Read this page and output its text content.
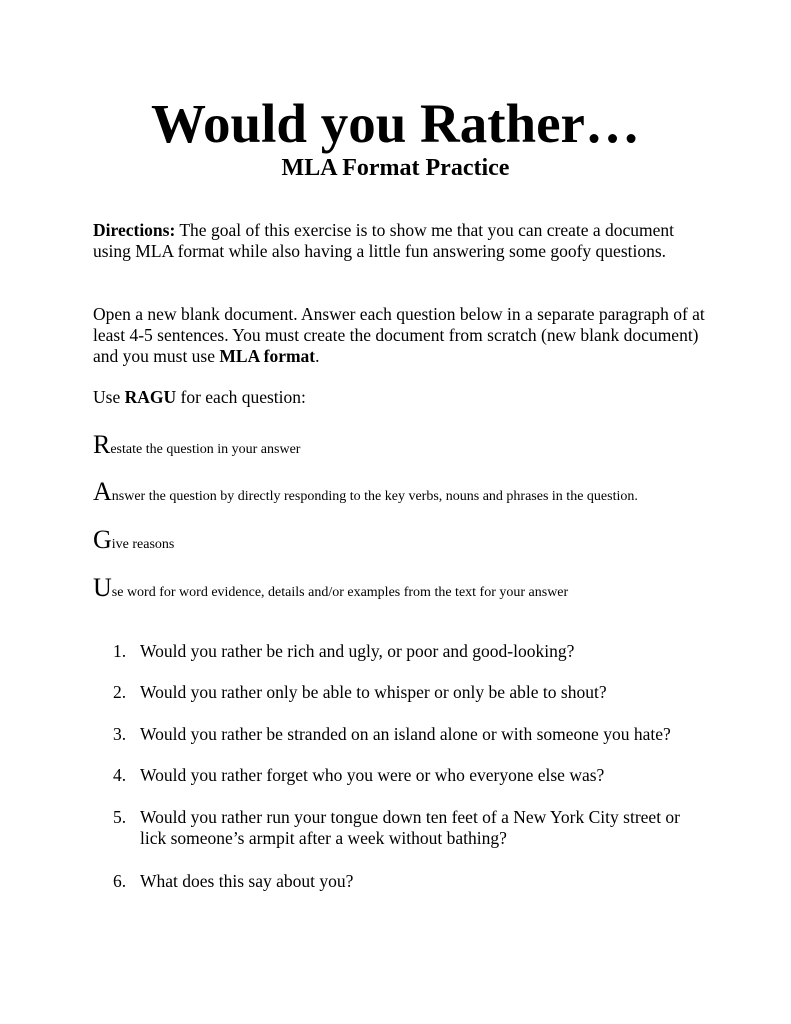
Would you Rather…
MLA Format Practice

Directions: The goal of this exercise is to show me that you can create a document using MLA format while also having a little fun answering some goofy questions.

Open a new blank document. Answer each question below in a separate paragraph of at least 4-5 sentences. You must create the document from scratch (new blank document) and you must use MLA format.

Use RAGU for each question:

Restate the question in your answer

Answer the question by directly responding to the key verbs, nouns and phrases in the question.

Give reasons

Use word for word evidence, details and/or examples from the text for your answer

1. Would you rather be rich and ugly, or poor and good-looking?
2. Would you rather only be able to whisper or only be able to shout?
3. Would you rather be stranded on an island alone or with someone you hate?
4. Would you rather forget who you were or who everyone else was?
5. Would you rather run your tongue down ten feet of a New York City street or lick someone’s armpit after a week without bathing?
6. What does this say about you?
